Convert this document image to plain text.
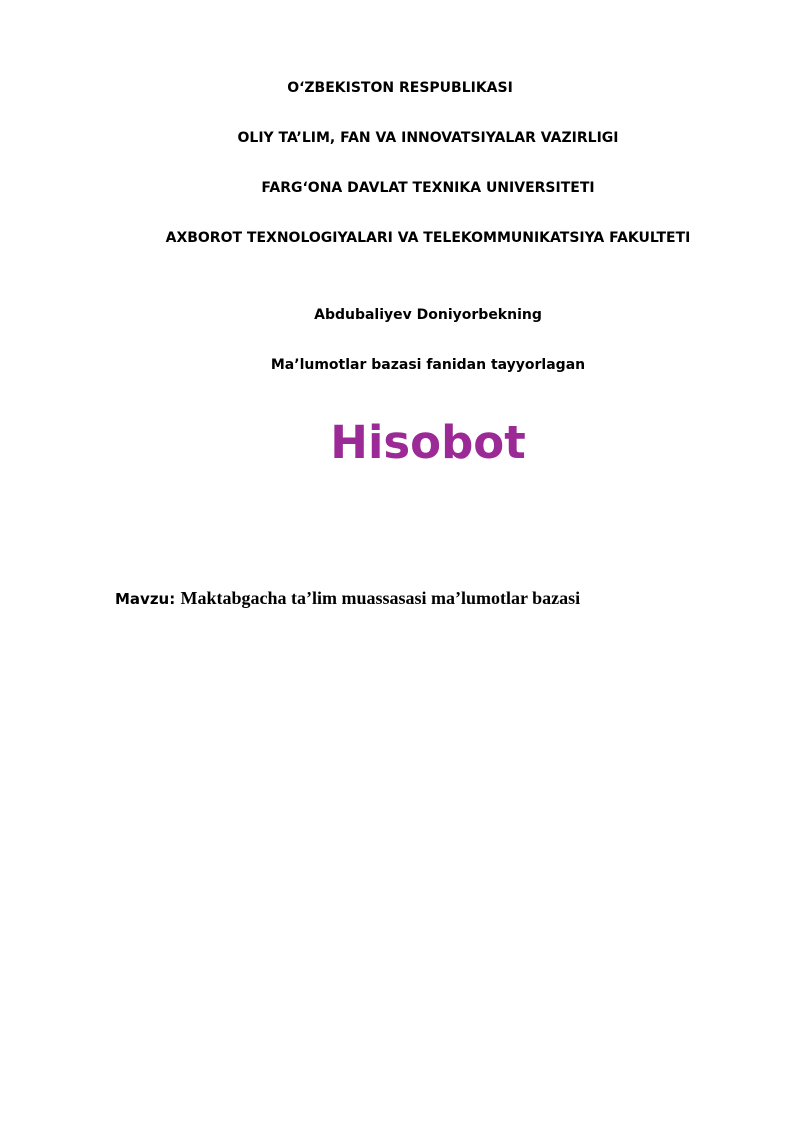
O‘ZBEKISTON RESPUBLIKASI
OLIY TA’LIM, FAN VA INNOVATSIYALAR VAZIRLIGI
FARG‘ONA DAVLAT TEXNIKA UNIVERSITETI
AXBOROT TEXNOLOGIYALARI VA TELEKOMMUNIKATSIYA FAKULTETI
Abdubaliyev Doniyorbekning
Ma’lumotlar bazasi fanidan tayyorlagan
Hisobot
Mavzu: Maktabgacha ta’lim muassasasi ma’lumotlar bazasi
